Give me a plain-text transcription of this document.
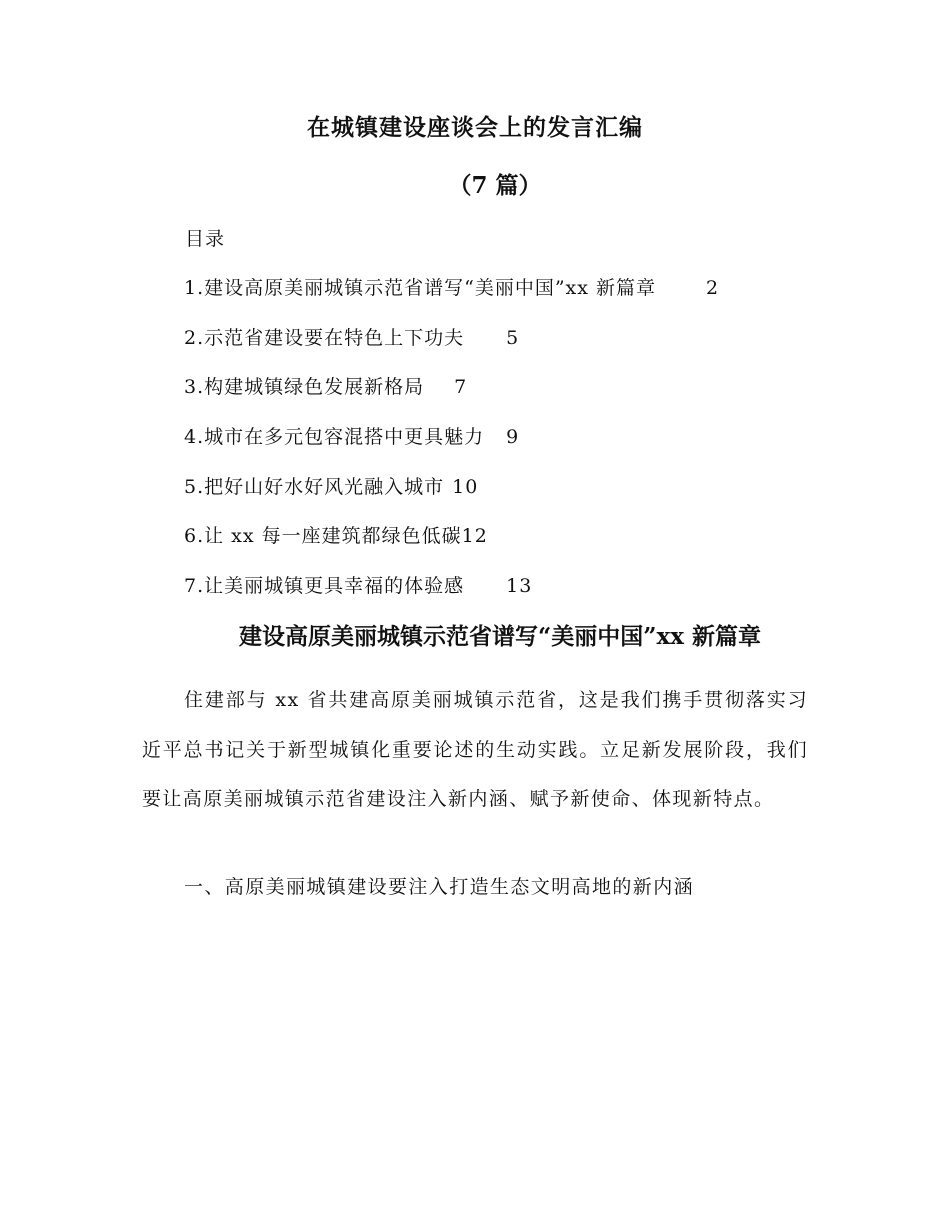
在城镇建设座谈会上的发言汇编
（7 篇）
目录
1.建设高原美丽城镇示范省谱写“美丽中国”xx 新篇章	2
2.示范省建设要在特色上下功夫 5
3.构建城镇绿色发展新格局 7
4.城市在多元包容混搭中更具魅力 9
5.把好山好水好风光融入城市 10
6.让 xx 每一座建筑都绿色低碳12
7.让美丽城镇更具幸福的体验感 13
建设高原美丽城镇示范省谱写“美丽中国”xx 新篇章

住建部与 xx 省共建高原美丽城镇示范省，这是我们携手贯彻落实习近平总书记关于新型城镇化重要论述的生动实践。立足新发展阶段，我们要让高原美丽城镇示范省建设注入新内涵、赋予新使命、体现新特点。

一、高原美丽城镇建设要注入打造生态文明高地的新内涵
